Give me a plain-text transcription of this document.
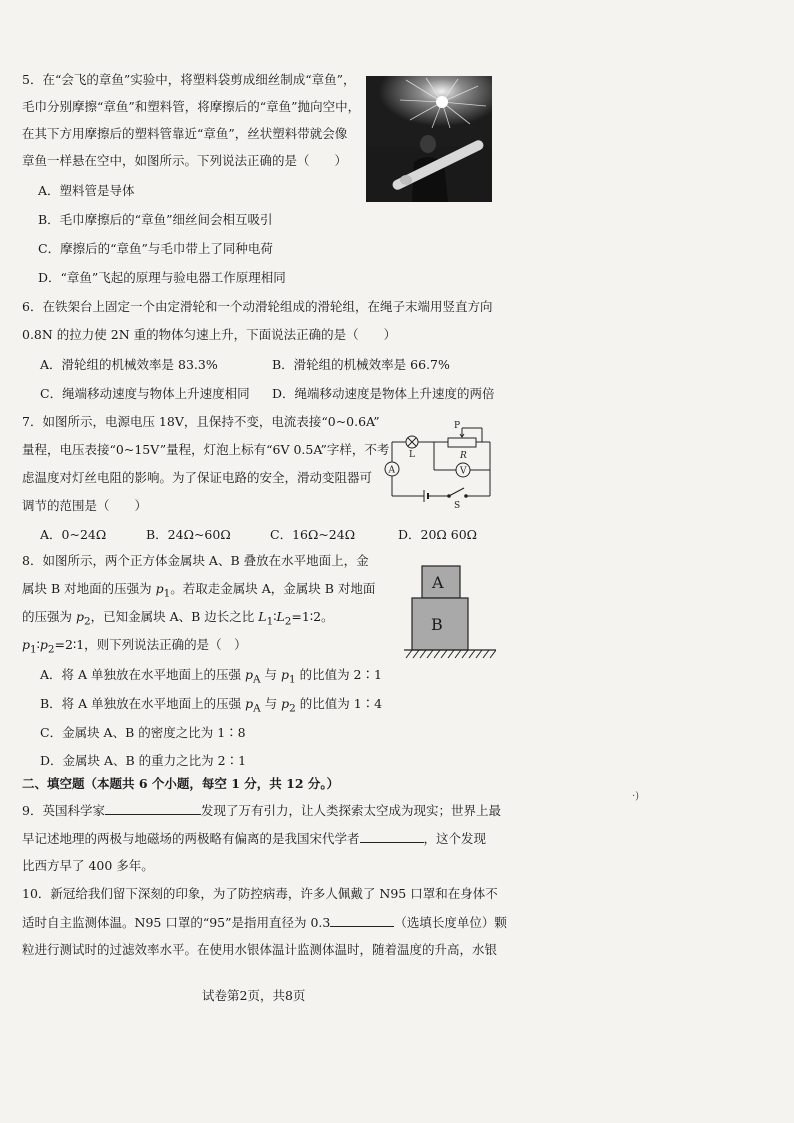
5．在“会飞的章鱼”实验中，将塑料袋剪成细丝制成“章鱼”，
毛巾分别摩擦“章鱼”和塑料管，将摩擦后的“章鱼”抛向空中，
在其下方用摩擦后的塑料管靠近“章鱼”，丝状塑料带就会像
章鱼一样悬在空中，如图所示。下列说法正确的是（　　）
A．塑料管是导体
B．毛巾摩擦后的“章鱼”细丝间会相互吸引
C．摩擦后的“章鱼”与毛巾带上了同种电荷
D．“章鱼”飞起的原理与验电器工作原理相同
6．在铁架台上固定一个由定滑轮和一个动滑轮组成的滑轮组，在绳子末端用竖直方向
0.8N 的拉力使 2N 重的物体匀速上升，下面说法正确的是（　　）
A．滑轮组的机械效率是 83.3%	B．滑轮组的机械效率是 66.7%
C．绳端移动速度与物体上升速度相同 D．绳端移动速度是物体上升速度的两倍
7．如图所示，电源电压 18V，且保持不变，电流表接“0~0.6A”
量程，电压表接“0~15V”量程，灯泡上标有“6V 0.5A”字样，不考
虑温度对灯丝电阻的影响。为了保证电路的安全，滑动变阻器可
调节的范围是（　　）
A．0~24Ω	B．24Ω~60Ω	C．16Ω~24Ω	D．20Ω 60Ω
L
P
R
A	V
S
8．如图所示，两个正方体金属块 A、B 叠放在水平地面上，金
属块 B 对地面的压强为 $p_1$。若取走金属块 A，金属块 B 对地面
的压强为 $p_2$，已知金属块 A、B 边长之比 $L_1∶L_2=1∶2$。
$p_1∶p_2=2∶1$，则下列说法正确的是（　）
A．将 A 单独放在水平地面上的压强 $p_A$ 与 $p_1$ 的比值为 2∶1
B．将 A 单独放在水平地面上的压强 $p_A$ 与 $p_2$ 的比值为 1∶4
C．金属块 A、B 的密度之比为 1∶8
D．金属块 A、B 的重力之比为 2∶1
A
B
二、填空题（本题共 6 个小题，每空 1 分，共 12 分。）
·)
9．英国科学家	发现了万有引力，让人类探索太空成为现实；世界上最
早记述地理的两极与地磁场的两极略有偏离的是我国宋代学者	，这个发现
比西方早了 400 多年。
10．新冠给我们留下深刻的印象，为了防控病毒，许多人佩戴了 N95 口罩和在身体不
适时自主监测体温。N95 口罩的“95”是指用直径为 0.3	（选填长度单位）颗
粒进行测试时的过滤效率水平。在使用水银体温计监测体温时，随着温度的升高，水银
试卷第2页，共8页
